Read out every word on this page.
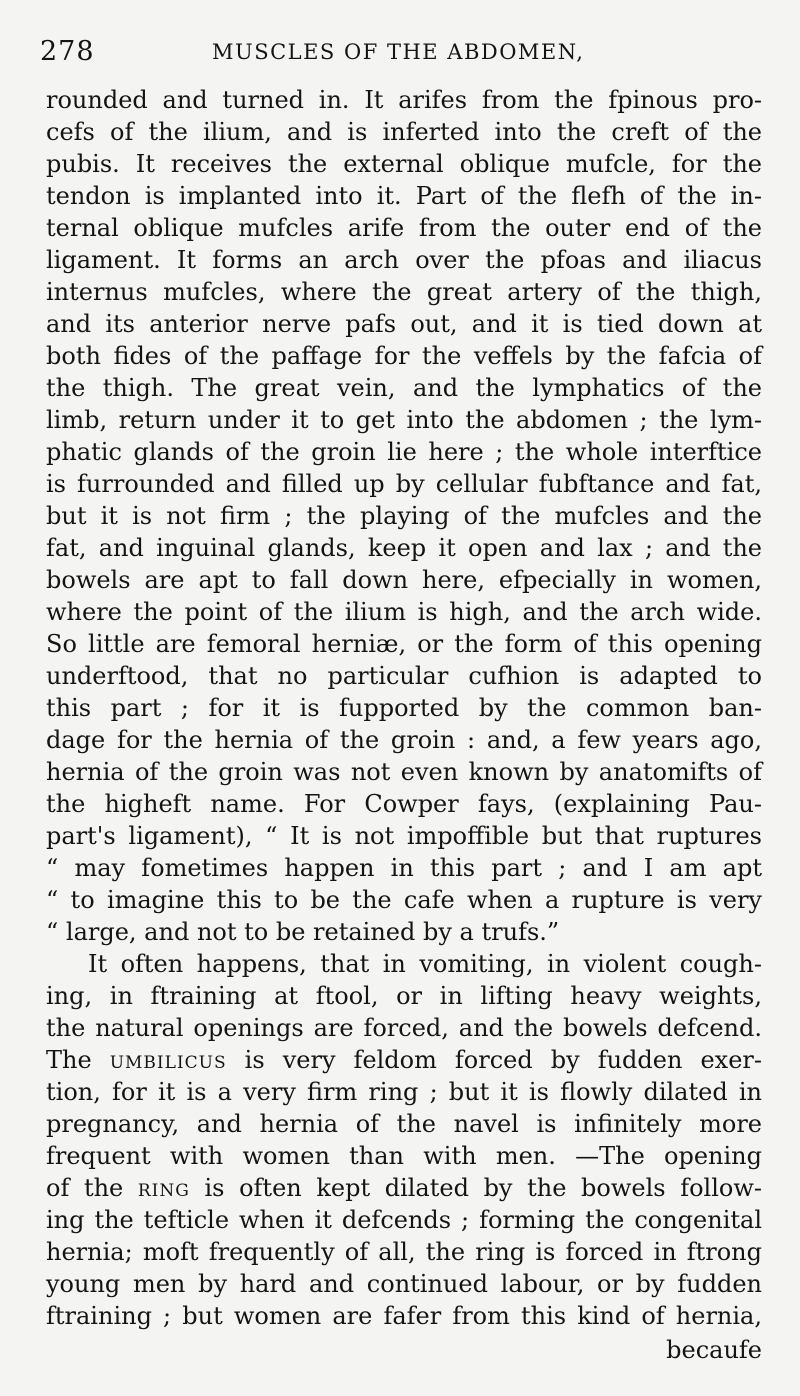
278	MUSCLES OF THE ABDOMEN,
rounded and turned in. It arifes from the fpinous pro-
cefs of the ilium, and is inferted into the creft of the
pubis. It receives the external oblique mufcle, for the
tendon is implanted into it. Part of the flefh of the in-
ternal oblique mufcles arife from the outer end of the
ligament. It forms an arch over the pfoas and iliacus
internus mufcles, where the great artery of the thigh,
and its anterior nerve pafs out, and it is tied down at
both fides of the paffage for the veffels by the fafcia of
the thigh. The great vein, and the lymphatics of the
limb, return under it to get into the abdomen ; the lym-
phatic glands of the groin lie here ; the whole interftice
is furrounded and filled up by cellular fubftance and fat,
but it is not firm ; the playing of the mufcles and the
fat, and inguinal glands, keep it open and lax ; and the
bowels are apt to fall down here, efpecially in women,
where the point of the ilium is high, and the arch wide.
So little are femoral herniæ, or the form of this opening
underftood, that no particular cufhion is adapted to
this part ; for it is fupported by the common ban-
dage for the hernia of the groin : and, a few years ago,
hernia of the groin was not even known by anatomifts of
the higheft name. For Cowper fays, (explaining Pau-
part's ligament), “ It is not impoffible but that ruptures
“ may fometimes happen in this part ; and I am apt
“ to imagine this to be the cafe when a rupture is very
“ large, and not to be retained by a trufs.”
It often happens, that in vomiting, in violent cough-
ing, in ftraining at ftool, or in lifting heavy weights,
the natural openings are forced, and the bowels defcend.
The umbilicus is very feldom forced by fudden exer-
tion, for it is a very firm ring ; but it is flowly dilated in
pregnancy, and hernia of the navel is infinitely more
frequent with women than with men. —The opening
of the ring is often kept dilated by the bowels follow-
ing the tefticle when it defcends ; forming the congenital
hernia; moft frequently of all, the ring is forced in ftrong
young men by hard and continued labour, or by fudden
ftraining ; but women are fafer from this kind of hernia,
becaufe
